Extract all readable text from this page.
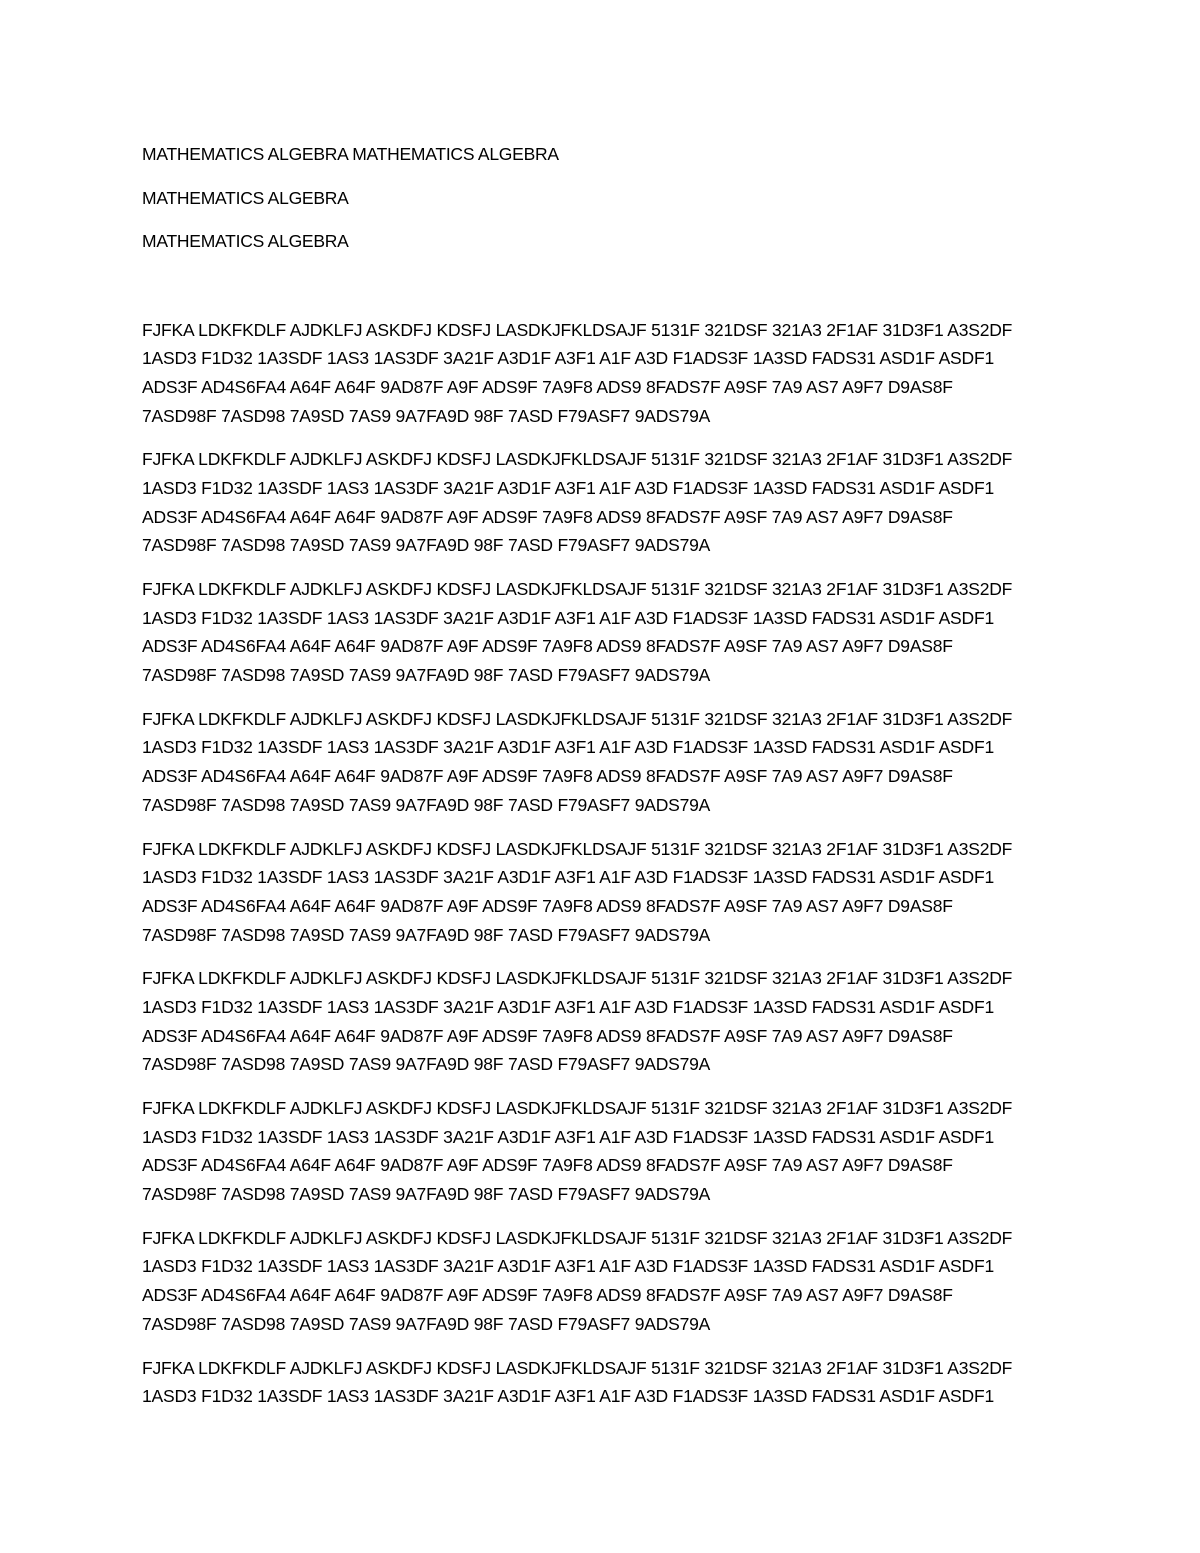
MATHEMATICS ALGEBRA MATHEMATICS ALGEBRA

MATHEMATICS ALGEBRA

MATHEMATICS ALGEBRA

FJFKA LDKFKDLF AJDKLFJ ASKDFJ KDSFJ LASDKJFKLDSAJF 5131F 321DSF 321A3 2F1AF 31D3F1 A3S2DF
1ASD3 F1D32 1A3SDF 1AS3 1AS3DF 3A21F A3D1F A3F1 A1F A3D F1ADS3F 1A3SD FADS31 ASD1F ASDF1
ADS3F AD4S6FA4 A64F A64F 9AD87F A9F ADS9F 7A9F8 ADS9 8FADS7F A9SF 7A9 AS7 A9F7 D9AS8F
7ASD98F 7ASD98 7A9SD 7AS9 9A7FA9D 98F 7ASD F79ASF7 9ADS79A
FJFKA LDKFKDLF AJDKLFJ ASKDFJ KDSFJ LASDKJFKLDSAJF 5131F 321DSF 321A3 2F1AF 31D3F1 A3S2DF
1ASD3 F1D32 1A3SDF 1AS3 1AS3DF 3A21F A3D1F A3F1 A1F A3D F1ADS3F 1A3SD FADS31 ASD1F ASDF1
ADS3F AD4S6FA4 A64F A64F 9AD87F A9F ADS9F 7A9F8 ADS9 8FADS7F A9SF 7A9 AS7 A9F7 D9AS8F
7ASD98F 7ASD98 7A9SD 7AS9 9A7FA9D 98F 7ASD F79ASF7 9ADS79A
FJFKA LDKFKDLF AJDKLFJ ASKDFJ KDSFJ LASDKJFKLDSAJF 5131F 321DSF 321A3 2F1AF 31D3F1 A3S2DF
1ASD3 F1D32 1A3SDF 1AS3 1AS3DF 3A21F A3D1F A3F1 A1F A3D F1ADS3F 1A3SD FADS31 ASD1F ASDF1
ADS3F AD4S6FA4 A64F A64F 9AD87F A9F ADS9F 7A9F8 ADS9 8FADS7F A9SF 7A9 AS7 A9F7 D9AS8F
7ASD98F 7ASD98 7A9SD 7AS9 9A7FA9D 98F 7ASD F79ASF7 9ADS79A
FJFKA LDKFKDLF AJDKLFJ ASKDFJ KDSFJ LASDKJFKLDSAJF 5131F 321DSF 321A3 2F1AF 31D3F1 A3S2DF
1ASD3 F1D32 1A3SDF 1AS3 1AS3DF 3A21F A3D1F A3F1 A1F A3D F1ADS3F 1A3SD FADS31 ASD1F ASDF1
ADS3F AD4S6FA4 A64F A64F 9AD87F A9F ADS9F 7A9F8 ADS9 8FADS7F A9SF 7A9 AS7 A9F7 D9AS8F
7ASD98F 7ASD98 7A9SD 7AS9 9A7FA9D 98F 7ASD F79ASF7 9ADS79A
FJFKA LDKFKDLF AJDKLFJ ASKDFJ KDSFJ LASDKJFKLDSAJF 5131F 321DSF 321A3 2F1AF 31D3F1 A3S2DF
1ASD3 F1D32 1A3SDF 1AS3 1AS3DF 3A21F A3D1F A3F1 A1F A3D F1ADS3F 1A3SD FADS31 ASD1F ASDF1
ADS3F AD4S6FA4 A64F A64F 9AD87F A9F ADS9F 7A9F8 ADS9 8FADS7F A9SF 7A9 AS7 A9F7 D9AS8F
7ASD98F 7ASD98 7A9SD 7AS9 9A7FA9D 98F 7ASD F79ASF7 9ADS79A
FJFKA LDKFKDLF AJDKLFJ ASKDFJ KDSFJ LASDKJFKLDSAJF 5131F 321DSF 321A3 2F1AF 31D3F1 A3S2DF
1ASD3 F1D32 1A3SDF 1AS3 1AS3DF 3A21F A3D1F A3F1 A1F A3D F1ADS3F 1A3SD FADS31 ASD1F ASDF1
ADS3F AD4S6FA4 A64F A64F 9AD87F A9F ADS9F 7A9F8 ADS9 8FADS7F A9SF 7A9 AS7 A9F7 D9AS8F
7ASD98F 7ASD98 7A9SD 7AS9 9A7FA9D 98F 7ASD F79ASF7 9ADS79A
FJFKA LDKFKDLF AJDKLFJ ASKDFJ KDSFJ LASDKJFKLDSAJF 5131F 321DSF 321A3 2F1AF 31D3F1 A3S2DF
1ASD3 F1D32 1A3SDF 1AS3 1AS3DF 3A21F A3D1F A3F1 A1F A3D F1ADS3F 1A3SD FADS31 ASD1F ASDF1
ADS3F AD4S6FA4 A64F A64F 9AD87F A9F ADS9F 7A9F8 ADS9 8FADS7F A9SF 7A9 AS7 A9F7 D9AS8F
7ASD98F 7ASD98 7A9SD 7AS9 9A7FA9D 98F 7ASD F79ASF7 9ADS79A
FJFKA LDKFKDLF AJDKLFJ ASKDFJ KDSFJ LASDKJFKLDSAJF 5131F 321DSF 321A3 2F1AF 31D3F1 A3S2DF
1ASD3 F1D32 1A3SDF 1AS3 1AS3DF 3A21F A3D1F A3F1 A1F A3D F1ADS3F 1A3SD FADS31 ASD1F ASDF1
ADS3F AD4S6FA4 A64F A64F 9AD87F A9F ADS9F 7A9F8 ADS9 8FADS7F A9SF 7A9 AS7 A9F7 D9AS8F
7ASD98F 7ASD98 7A9SD 7AS9 9A7FA9D 98F 7ASD F79ASF7 9ADS79A
FJFKA LDKFKDLF AJDKLFJ ASKDFJ KDSFJ LASDKJFKLDSAJF 5131F 321DSF 321A3 2F1AF 31D3F1 A3S2DF
1ASD3 F1D32 1A3SDF 1AS3 1AS3DF 3A21F A3D1F A3F1 A1F A3D F1ADS3F 1A3SD FADS31 ASD1F ASDF1
